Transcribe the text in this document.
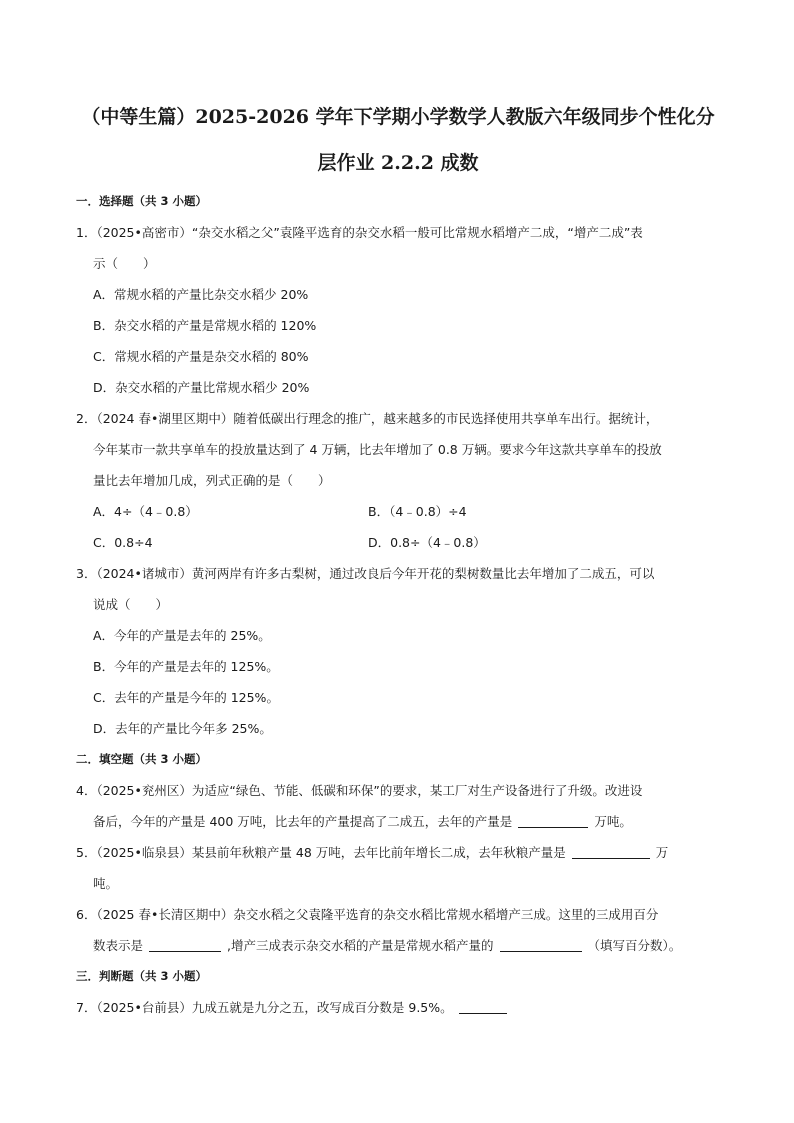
（中等生篇）2025-2026 学年下学期小学数学人教版六年级同步个性化分
层作业 2.2.2 成数
一．选择题（共 3 小题）
1．（2025•高密市）“杂交水稻之父”袁隆平选育的杂交水稻一般可比常规水稻增产二成，“增产二成”表
示（　　）
A．常规水稻的产量比杂交水稻少 20%
B．杂交水稻的产量是常规水稻的 120%
C．常规水稻的产量是杂交水稻的 80%
D．杂交水稻的产量比常规水稻少 20%
2．（2024 春•湖里区期中）随着低碳出行理念的推广，越来越多的市民选择使用共享单车出行。据统计，
今年某市一款共享单车的投放量达到了 4 万辆，比去年增加了 0.8 万辆。要求今年这款共享单车的投放
量比去年增加几成，列式正确的是（　　）
A．4÷（4﹣0.8）	B．（4﹣0.8）÷4
C．0.8÷4	D．0.8÷（4﹣0.8）
3．（2024•诸城市）黄河两岸有许多古梨树，通过改良后今年开花的梨树数量比去年增加了二成五，可以
说成（　　）
A．今年的产量是去年的 25%。
B．今年的产量是去年的 125%。
C．去年的产量是今年的 125%。
D．去年的产量比今年多 25%。
二．填空题（共 3 小题）
4．（2025•兖州区）为适应“绿色、节能、低碳和环保”的要求，某工厂对生产设备进行了升级。改进设
备后，今年的产量是 400 万吨，比去年的产量提高了二成五，去年的产量是	万吨。
5．（2025•临泉县）某县前年秋粮产量 48 万吨，去年比前年增长二成，去年秋粮产量是	万
吨。
6．（2025 春•长清区期中）杂交水稻之父袁隆平选育的杂交水稻比常规水稻增产三成。这里的三成用百分
数表示是	,增产三成表示杂交水稻的产量是常规水稻产量的	（填写百分数）。
三．判断题（共 3 小题）
7．（2025•台前县）九成五就是九分之五，改写成百分数是 9.5%。
